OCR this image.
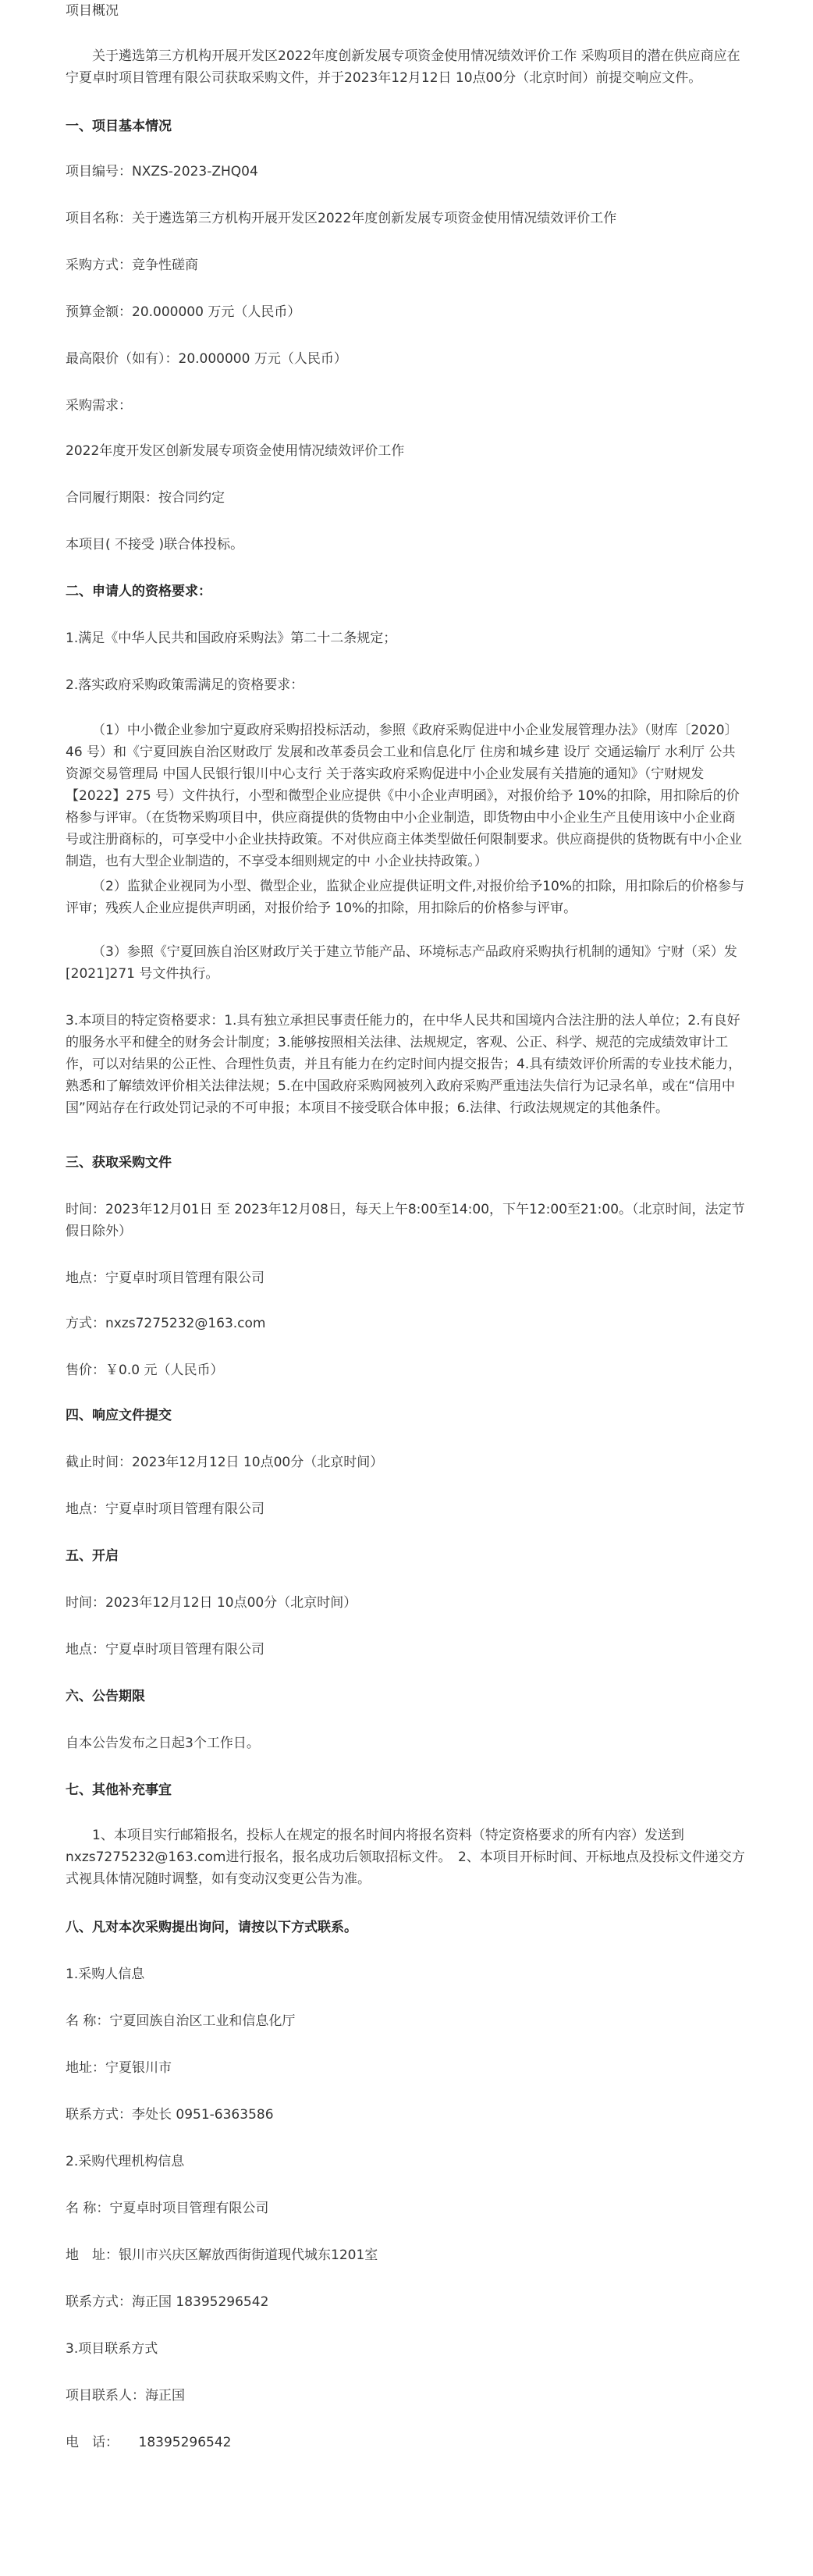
项目概况

关于遴选第三方机构开展开发区2022年度创新发展专项资金使用情况绩效评价工作 采购项目的潜在供应商应在宁夏卓时项目管理有限公司获取采购文件，并于2023年12月12日 10点00分（北京时间）前提交响应文件。

一、项目基本情况

项目编号：NXZS-2023-ZHQ04

项目名称：关于遴选第三方机构开展开发区2022年度创新发展专项资金使用情况绩效评价工作

采购方式：竞争性磋商

预算金额：20.000000 万元（人民币）

最高限价（如有）：20.000000 万元（人民币）

采购需求：

2022年度开发区创新发展专项资金使用情况绩效评价工作

合同履行期限：按合同约定

本项目( 不接受 )联合体投标。

二、申请人的资格要求：

1.满足《中华人民共和国政府采购法》第二十二条规定；

2.落实政府采购政策需满足的资格要求：

（1）中小微企业参加宁夏政府采购招投标活动，参照《政府采购促进中小企业发展管理办法》（财库〔2020〕46 号）和《宁夏回族自治区财政厅 发展和改革委员会工业和信息化厅 住房和城乡建 设厅 交通运输厅 水利厅 公共资源交易管理局 中国人民银行银川中心支行 关于落实政府采购促进中小企业发展有关措施的通知》（宁财规发【2022】275 号）文件执行，小型和微型企业应提供《中小企业声明函》，对报价给予 10%的扣除，用扣除后的价格参与评审。（在货物采购项目中，供应商提供的货物由中小企业制造，即货物由中小企业生产且使用该中小企业商号或注册商标的，可享受中小企业扶持政策。不对供应商主体类型做任何限制要求。供应商提供的货物既有中小企业制造，也有大型企业制造的，不享受本细则规定的中 小企业扶持政策。）

（2）监狱企业视同为小型、微型企业，监狱企业应提供证明文件,对报价给予10%的扣除，用扣除后的价格参与评审；残疾人企业应提供声明函，对报价给予 10%的扣除，用扣除后的价格参与评审。

（3）参照《宁夏回族自治区财政厅关于建立节能产品、环境标志产品政府采购执行机制的通知》宁财（采）发[2021]271 号文件执行。

3.本项目的特定资格要求：1.具有独立承担民事责任能力的，在中华人民共和国境内合法注册的法人单位；2.有良好的服务水平和健全的财务会计制度；3.能够按照相关法律、法规规定，客观、公正、科学、规范的完成绩效审计工作，可以对结果的公正性、合理性负责，并且有能力在约定时间内提交报告；4.具有绩效评价所需的专业技术能力，熟悉和了解绩效评价相关法律法规；5.在中国政府采购网被列入政府采购严重违法失信行为记录名单，或在“信用中国”网站存在行政处罚记录的不可申报；本项目不接受联合体申报；6.法律、行政法规规定的其他条件。

三、获取采购文件

时间：2023年12月01日 至 2023年12月08日，每天上午8:00至14:00，下午12:00至21:00。（北京时间，法定节假日除外）

地点：宁夏卓时项目管理有限公司

方式：nxzs7275232@163.com

售价：￥0.0 元（人民币）

四、响应文件提交

截止时间：2023年12月12日 10点00分（北京时间）

地点：宁夏卓时项目管理有限公司

五、开启

时间：2023年12月12日 10点00分（北京时间）

地点：宁夏卓时项目管理有限公司

六、公告期限

自本公告发布之日起3个工作日。

七、其他补充事宜

1、本项目实行邮箱报名，投标人在规定的报名时间内将报名资料（特定资格要求的所有内容）发送到nxzs7275232@163.com进行报名，报名成功后领取招标文件。　2、本项目开标时间、开标地点及投标文件递交方式视具体情况随时调整，如有变动汉变更公告为准。

八、凡对本次采购提出询问，请按以下方式联系。

1.采购人信息

名 称：宁夏回族自治区工业和信息化厅

地址：宁夏银川市

联系方式：李处长 0951-6363586

2.采购代理机构信息

名 称：宁夏卓时项目管理有限公司

地　址：银川市兴庆区解放西街街道现代城东1201室

联系方式：海正国 18395296542

3.项目联系方式

项目联系人：海正国

电　话：　　18395296542
